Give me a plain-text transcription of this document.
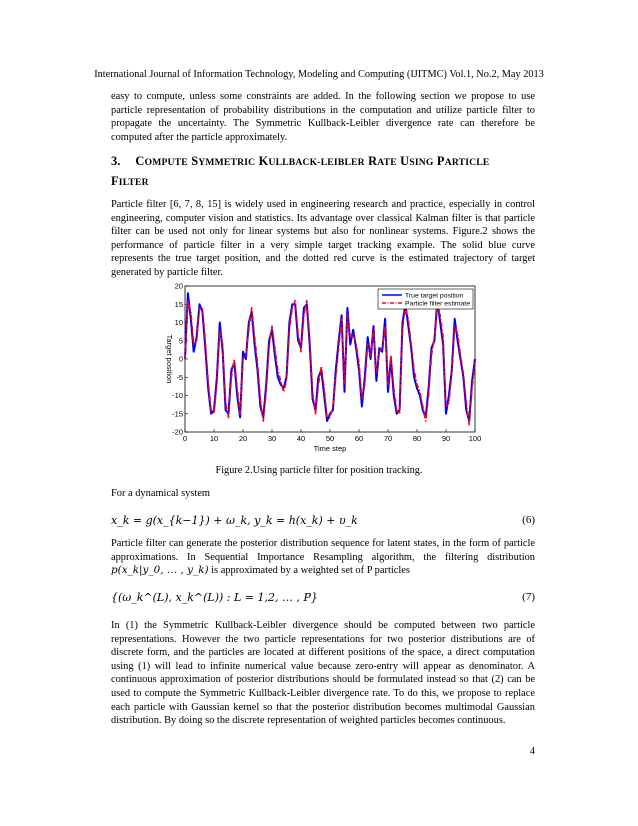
International Journal of Information Technology, Modeling and Computing (IJITMC) Vol.1, No.2, May 2013

easy to compute, unless some constraints are added. In the following section we propose to use particle representation of probability distributions in the computation and utilize particle filter to propagate the uncertainty. The Symmetric Kullback-Leibler divergence rate can therefore be computed after the particle approximately.

3. COMPUTE SYMMETRIC KULLBACK-LEIBLER RATE USING PARTICLE
FILTER

Particle filter [6, 7, 8, 15] is widely used in engineering research and practice, especially in control engineering, computer vision and statistics. Its advantage over classical Kalman filter is that particle filter can be used not only for linear systems but also for nonlinear systems. Figure.2 shows the performance of particle filter in a very simple target tracking example. The solid blue curve represents the true target position, and the dotted red curve is the estimated trajectory of target generated by particle filter.

0	10	20	30	40	50	60	70	80	90 100
20
15
10
5
0
-5
-10
-15
-20
True target position
Particle filter estimate
Target position
Time step
Figure 2.Using particle filter for position tracking.
For a dynamical system
x_k = g(x_{k−1}) + ω_k, y_k = h(x_k) + υ_k	(6)

Particle filter can generate the posterior distribution sequence for latent states, in the form of particle approximations. In Sequential Importance Resampling algorithm, the filtering distribution p(x_k|y_0, … , y_k) is approximated by a weighted set of P particles

{(ω_k^(L), x_k^(L)) : L = 1,2, … , P}	(7)

In (1) the Symmetric Kullback-Leibler divergence should be computed between two particle representations. However the two particle representations for two posterior distributions are of discrete form, and the particles are located at different positions of the space, a direct computation using (1) will lead to infinite numerical value because zero-entry will appear as denominator. A continuous approximation of posterior distributions should be formulated instead so that (2) can be used to compute the Symmetric Kullback-Leibler divergence rate. To do this, we propose to replace each particle with Gaussian kernel so that the posterior distribution becomes multimodal Gaussian distribution. By doing so the discrete representation of weighted particles becomes continuous.

4
